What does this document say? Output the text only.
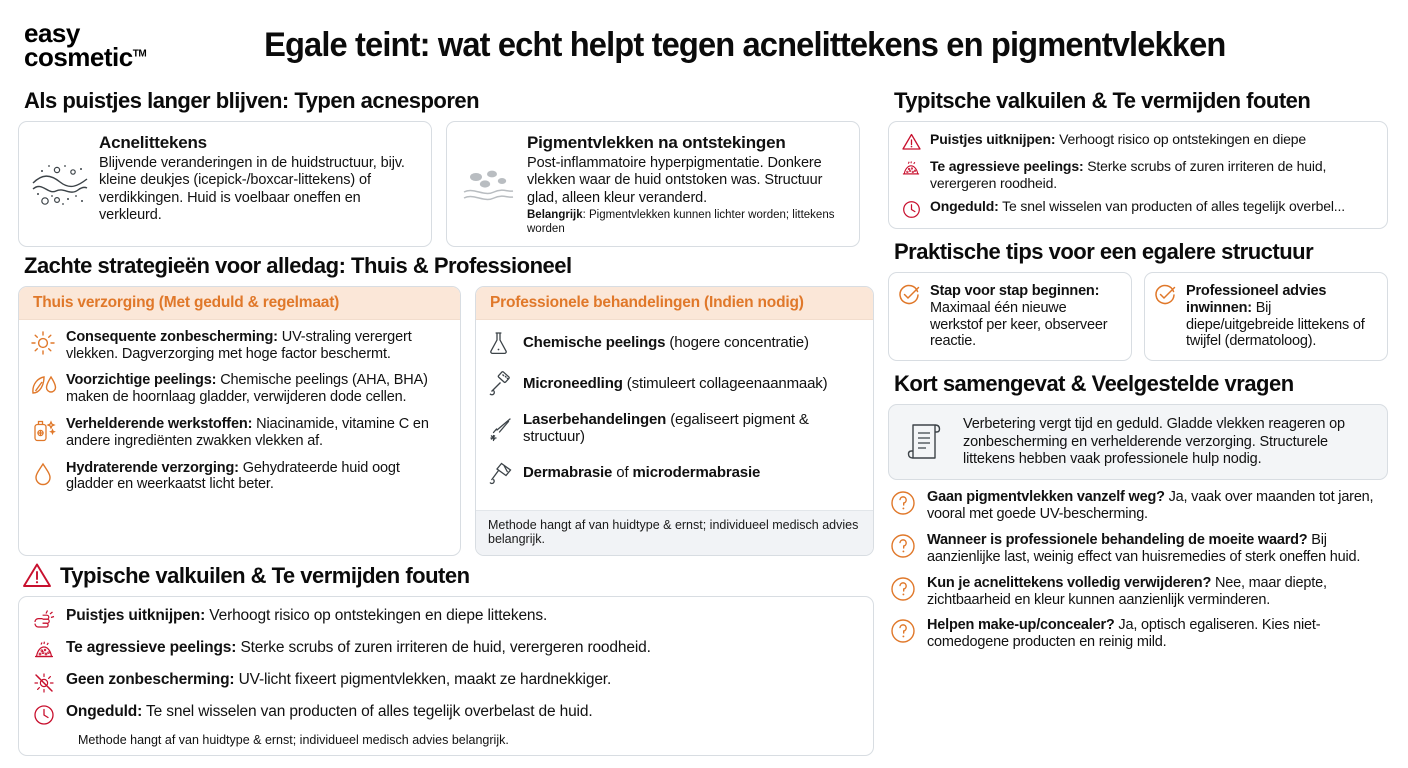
easy
cosmetic™	Egale teint: wat echt helpt tegen acnelittekens en pigmentvlekken
Als puistjes langer blijven: Typen acnesporen
Acnelittekens

Blijvende veranderingen in de huidstructuur, bijv. kleine deukjes (icepick-/boxcar-littekens) of verdikkingen. Huid is voelbaar oneffen en verkleurd.

Pigmentvlekken na ontstekingen

Post-inflammatoire hyperpigmentatie. Donkere vlekken waar de huid ontstoken was. Structuur glad, alleen kleur veranderd.

Belangrijk: Pigmentvlekken kunnen lichter worden; littekens worden
Zachte strategieën voor alledag: Thuis & Professioneel
Thuis verzorging (Met geduld & regelmaat)
Consequente zonbescherming: UV-straling verergert vlekken. Dagverzorging met hoge factor beschermt.
Voorzichtige peelings: Chemische peelings (AHA, BHA) maken de hoornlaag gladder, verwijderen dode cellen.
Verhelderende werkstoffen: Niacinamide, vitamine C en andere ingrediënten zwakken vlekken af.
Hydraterende verzorging: Gehydrateerde huid oogt gladder en weerkaatst licht beter.
Professionele behandelingen (Indien nodig)
Chemische peelings (hogere concentratie)
Microneedling (stimuleert collageenaanmaak)
Laserbehandelingen (egaliseert pigment & structuur)
Dermabrasie of microdermabrasie
Methode hangt af van huidtype & ernst; individueel medisch advies belangrijk.
Typische valkuilen & Te vermijden fouten
Puistjes uitknijpen: Verhoogt risico op ontstekingen en diepe littekens.
Te agressieve peelings: Sterke scrubs of zuren irriteren de huid, verergeren roodheid.
Geen zonbescherming: UV-licht fixeert pigmentvlekken, maakt ze hardnekkiger.
Ongeduld: Te snel wisselen van producten of alles tegelijk overbelast de huid.
Methode hangt af van huidtype & ernst; individueel medisch advies belangrijk.
Typitsche valkuilen & Te vermijden fouten
Puistjes uitknijpen: Verhoogt risico op ontstekingen en diepe
Te agressieve peelings: Sterke scrubs of zuren irriteren de huid, verergeren roodheid.
Ongeduld: Te snel wisselen van producten of alles tegelijk overbel...
Praktische tips voor een egalere structuur
Stap voor stap beginnen: Maximaal één nieuwe werkstof per keer, observeer reactie.
Professioneel advies inwinnen: Bij diepe/uitgebreide littekens of twijfel (dermatoloog).
Kort samengevat & Veelgestelde vragen
Verbetering vergt tijd en geduld. Gladde vlekken reageren op zonbescherming en verhelderende verzorging. Structurele littekens hebben vaak professionele hulp nodig.
Gaan pigmentvlekken vanzelf weg? Ja, vaak over maanden tot jaren, vooral met goede UV-bescherming.
Wanneer is professionele behandeling de moeite waard? Bij aanzienlijke last, weinig effect van huisremedies of sterk oneffen huid.
Kun je acnelittekens volledig verwijderen? Nee, maar diepte, zichtbaarheid en kleur kunnen aanzienlijk verminderen.
Helpen make-up/concealer? Ja, optisch egaliseren. Kies niet-comedogene producten en reinig mild.
